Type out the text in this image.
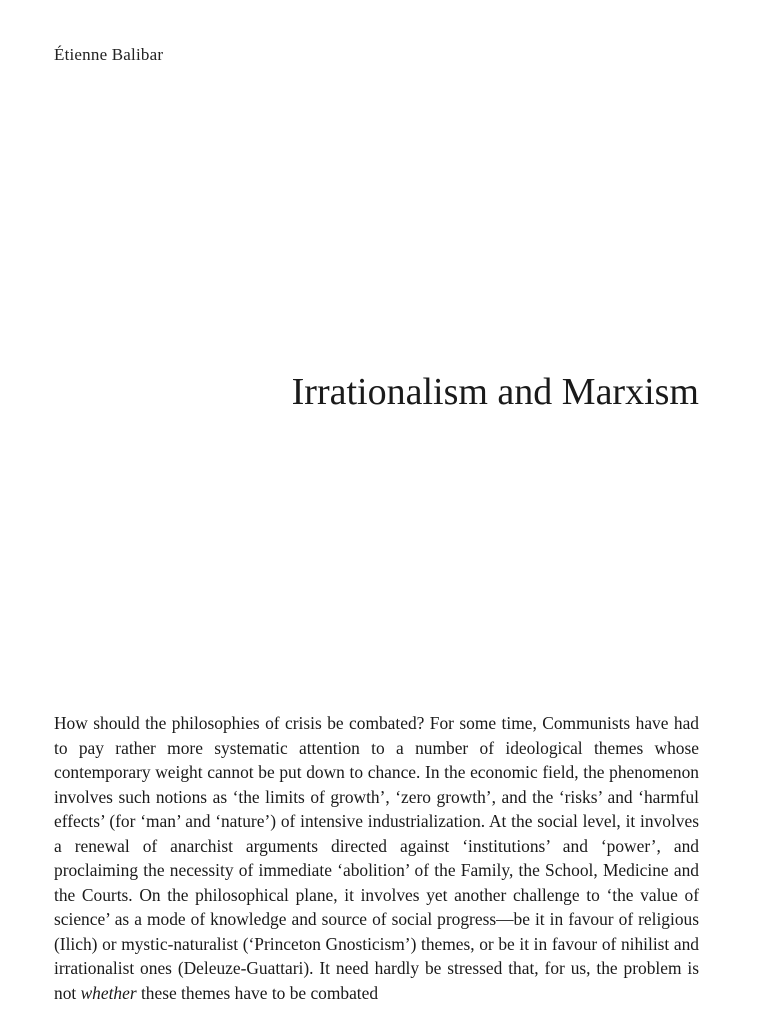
Étienne Balibar
Irrationalism and Marxism

How should the philosophies of crisis be combated? For some time, Communists have had to pay rather more systematic attention to a number of ideological themes whose contemporary weight cannot be put down to chance. In the economic field, the phenomenon involves such notions as ‘the limits of growth’, ‘zero growth’, and the ‘risks’ and ‘harmful effects’ (for ‘man’ and ‘nature’) of intensive industrialization. At the social level, it involves a renewal of anarchist arguments directed against ‘institutions’ and ‘power’, and proclaiming the necessity of immediate ‘abolition’ of the Family, the School, Medicine and the Courts. On the philosophical plane, it involves yet another challenge to ‘the value of science’ as a mode of knowledge and source of social progress—be it in favour of religious (Ilich) or mystic-naturalist (‘Princeton Gnosticism’) themes, or be it in favour of nihilist and irrationalist ones (Deleuze-Guattari). It need hardly be stressed that, for us, the problem is not whether these themes have to be combated
